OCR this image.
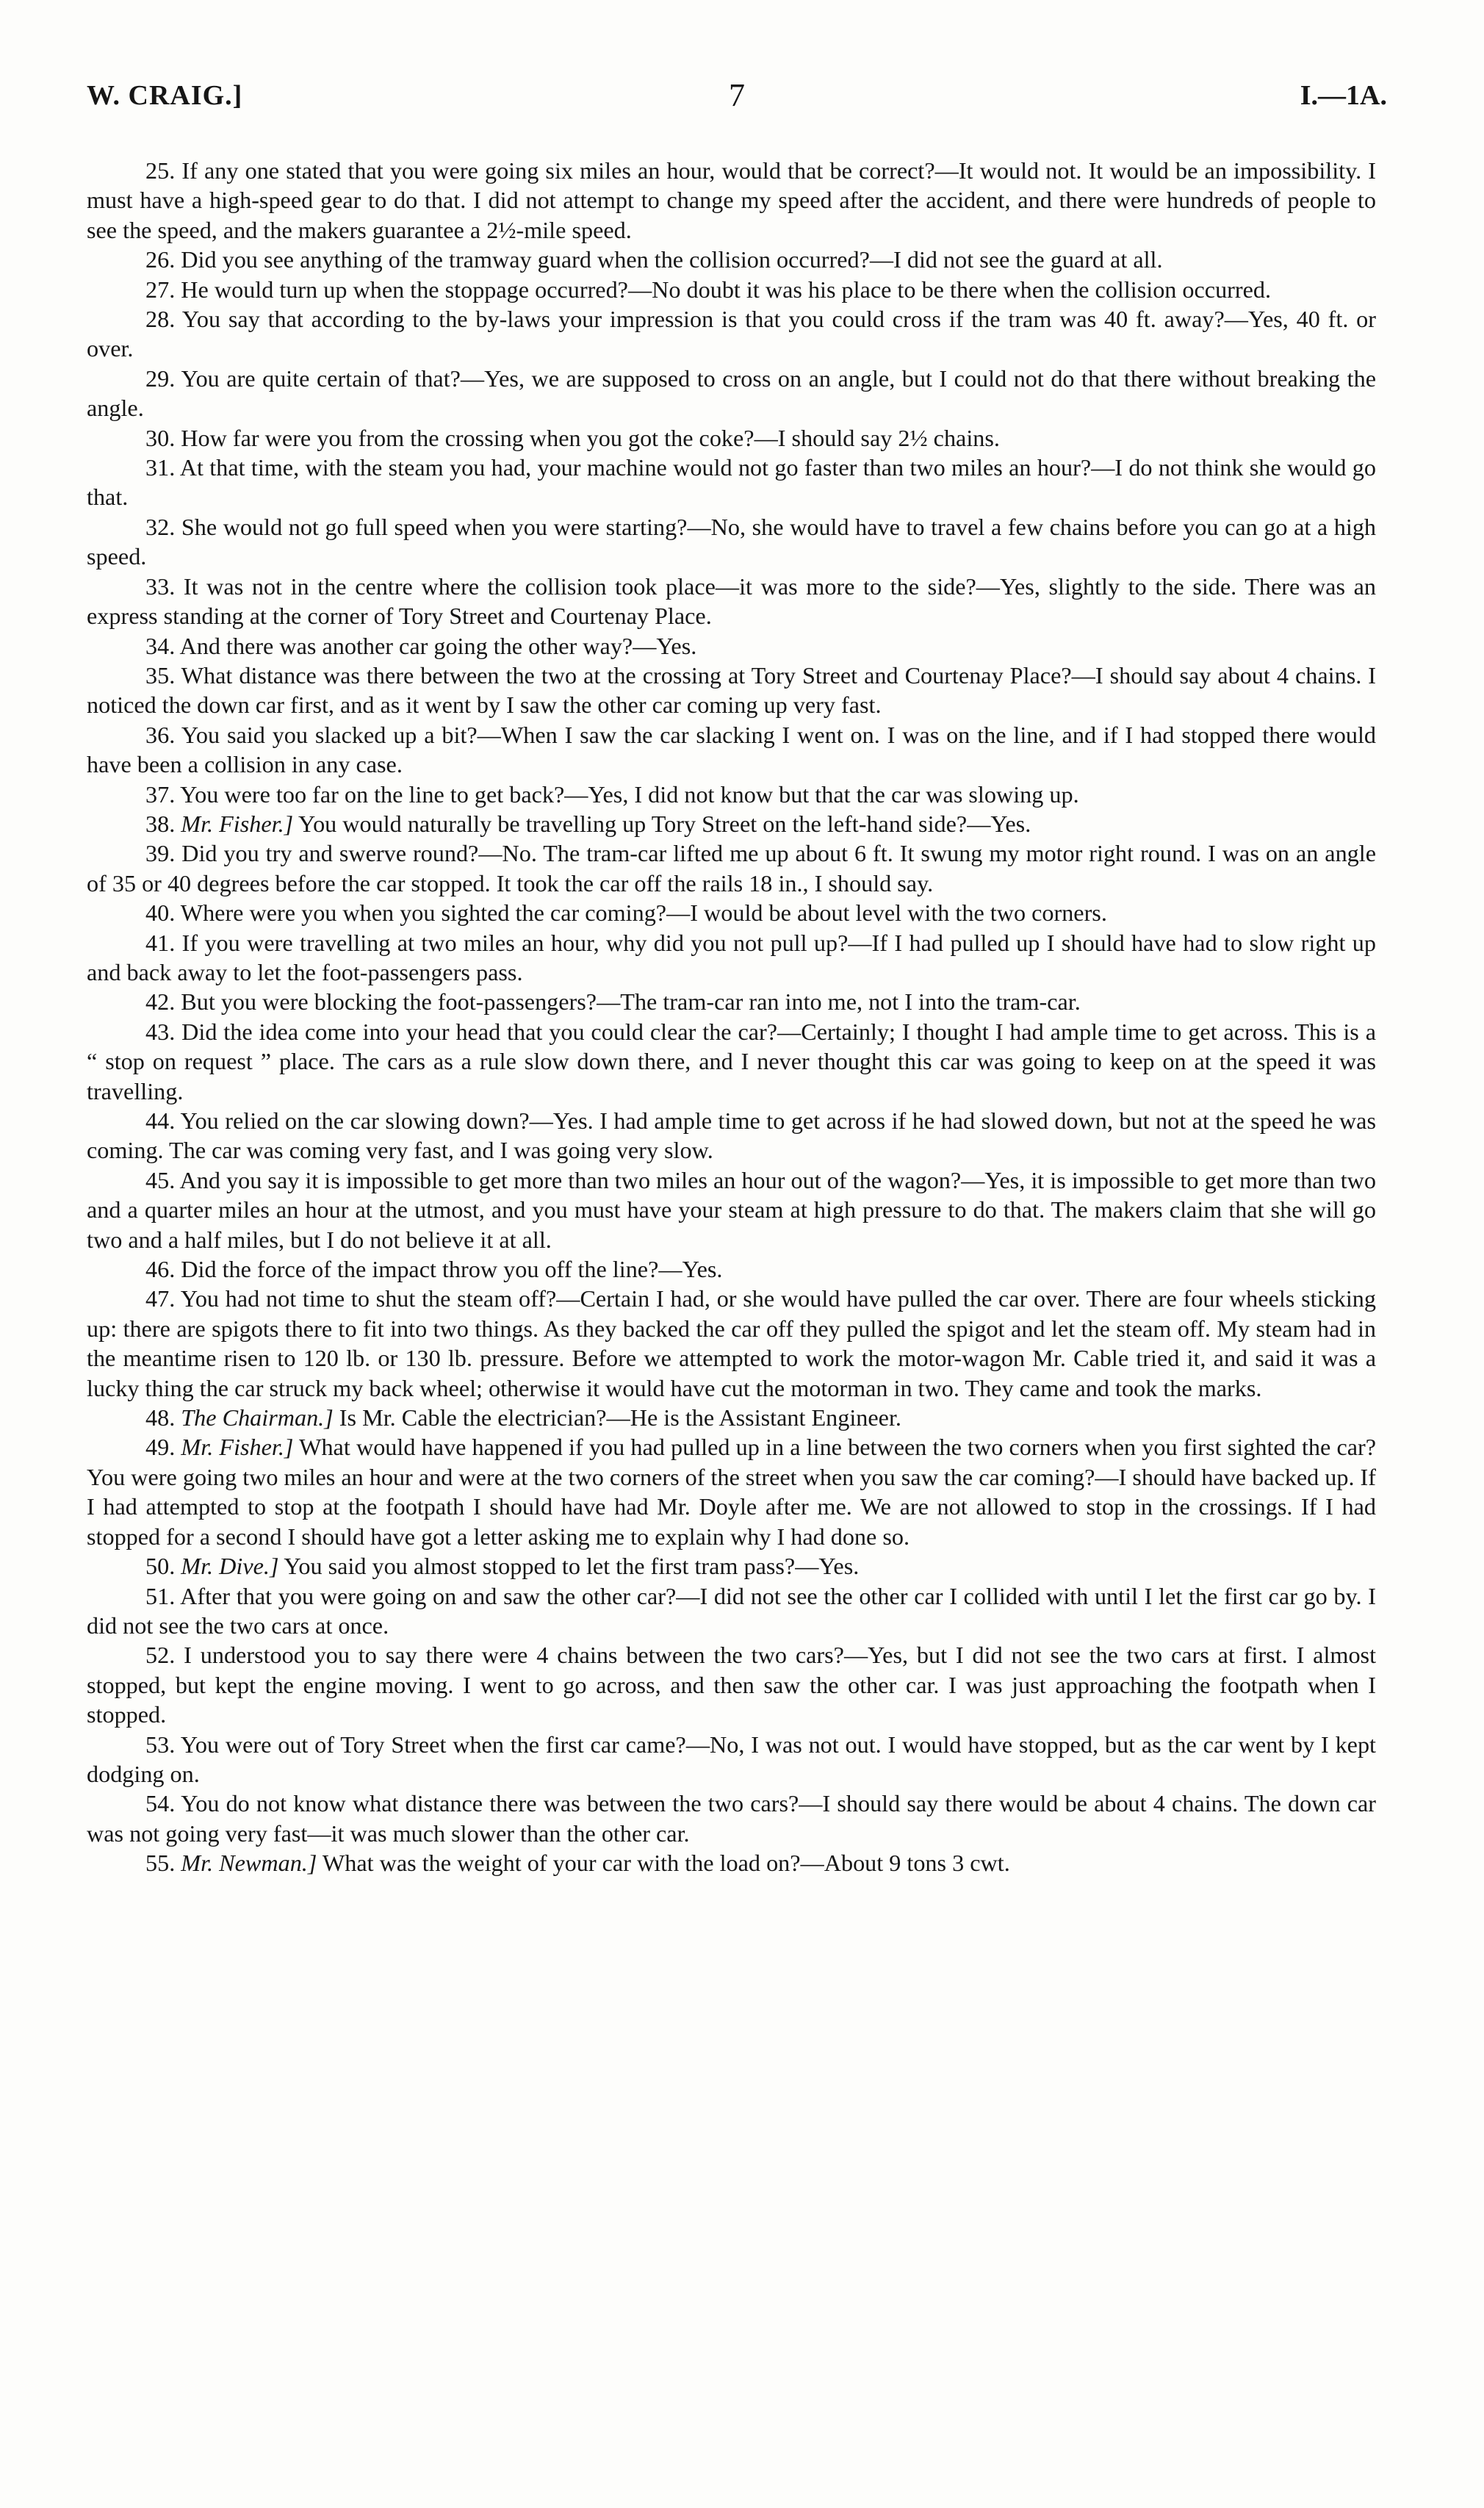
W. CRAIG.]	7	I.—1A.

25. If any one stated that you were going six miles an hour, would that be correct?—It would not. It would be an impossibility. I must have a high-speed gear to do that. I did not attempt to change my speed after the accident, and there were hundreds of people to see the speed, and the makers guarantee a 2½-mile speed.

26. Did you see anything of the tramway guard when the collision occurred?—I did not see the guard at all.

27. He would turn up when the stoppage occurred?—No doubt it was his place to be there when the collision occurred.

28. You say that according to the by-laws your impression is that you could cross if the tram was 40 ft. away?—Yes, 40 ft. or over.

29. You are quite certain of that?—Yes, we are supposed to cross on an angle, but I could not do that there without breaking the angle.

30. How far were you from the crossing when you got the coke?—I should say 2½ chains.

31. At that time, with the steam you had, your machine would not go faster than two miles an hour?—I do not think she would go that.

32. She would not go full speed when you were starting?—No, she would have to travel a few chains before you can go at a high speed.

33. It was not in the centre where the collision took place—it was more to the side?—Yes, slightly to the side. There was an express standing at the corner of Tory Street and Courtenay Place.

34. And there was another car going the other way?—Yes.

35. What distance was there between the two at the crossing at Tory Street and Courtenay Place?—I should say about 4 chains. I noticed the down car first, and as it went by I saw the other car coming up very fast.

36. You said you slacked up a bit?—When I saw the car slacking I went on. I was on the line, and if I had stopped there would have been a collision in any case.

37. You were too far on the line to get back?—Yes, I did not know but that the car was slowing up.

38. Mr. Fisher.] You would naturally be travelling up Tory Street on the left-hand side?—Yes.

39. Did you try and swerve round?—No. The tram-car lifted me up about 6 ft. It swung my motor right round. I was on an angle of 35 or 40 degrees before the car stopped. It took the car off the rails 18 in., I should say.

40. Where were you when you sighted the car coming?—I would be about level with the two corners.

41. If you were travelling at two miles an hour, why did you not pull up?—If I had pulled up I should have had to slow right up and back away to let the foot-passengers pass.

42. But you were blocking the foot-passengers?—The tram-car ran into me, not I into the tram-car.

43. Did the idea come into your head that you could clear the car?—Certainly; I thought I had ample time to get across. This is a “ stop on request ” place. The cars as a rule slow down there, and I never thought this car was going to keep on at the speed it was travelling.

44. You relied on the car slowing down?—Yes. I had ample time to get across if he had slowed down, but not at the speed he was coming. The car was coming very fast, and I was going very slow.

45. And you say it is impossible to get more than two miles an hour out of the wagon?—Yes, it is impossible to get more than two and a quarter miles an hour at the utmost, and you must have your steam at high pressure to do that. The makers claim that she will go two and a half miles, but I do not believe it at all.

46. Did the force of the impact throw you off the line?—Yes.

47. You had not time to shut the steam off?—Certain I had, or she would have pulled the car over. There are four wheels sticking up: there are spigots there to fit into two things. As they backed the car off they pulled the spigot and let the steam off. My steam had in the meantime risen to 120 lb. or 130 lb. pressure. Before we attempted to work the motor-wagon Mr. Cable tried it, and said it was a lucky thing the car struck my back wheel; otherwise it would have cut the motorman in two. They came and took the marks.

48. The Chairman.] Is Mr. Cable the electrician?—He is the Assistant Engineer.

49. Mr. Fisher.] What would have happened if you had pulled up in a line between the two corners when you first sighted the car? You were going two miles an hour and were at the two corners of the street when you saw the car coming?—I should have backed up. If I had attempted to stop at the footpath I should have had Mr. Doyle after me. We are not allowed to stop in the crossings. If I had stopped for a second I should have got a letter asking me to explain why I had done so.

50. Mr. Dive.] You said you almost stopped to let the first tram pass?—Yes.

51. After that you were going on and saw the other car?—I did not see the other car I collided with until I let the first car go by. I did not see the two cars at once.

52. I understood you to say there were 4 chains between the two cars?—Yes, but I did not see the two cars at first. I almost stopped, but kept the engine moving. I went to go across, and then saw the other car. I was just approaching the footpath when I stopped.

53. You were out of Tory Street when the first car came?—No, I was not out. I would have stopped, but as the car went by I kept dodging on.

54. You do not know what distance there was between the two cars?—I should say there would be about 4 chains. The down car was not going very fast—it was much slower than the other car.

55. Mr. Newman.] What was the weight of your car with the load on?—About 9 tons 3 cwt.
